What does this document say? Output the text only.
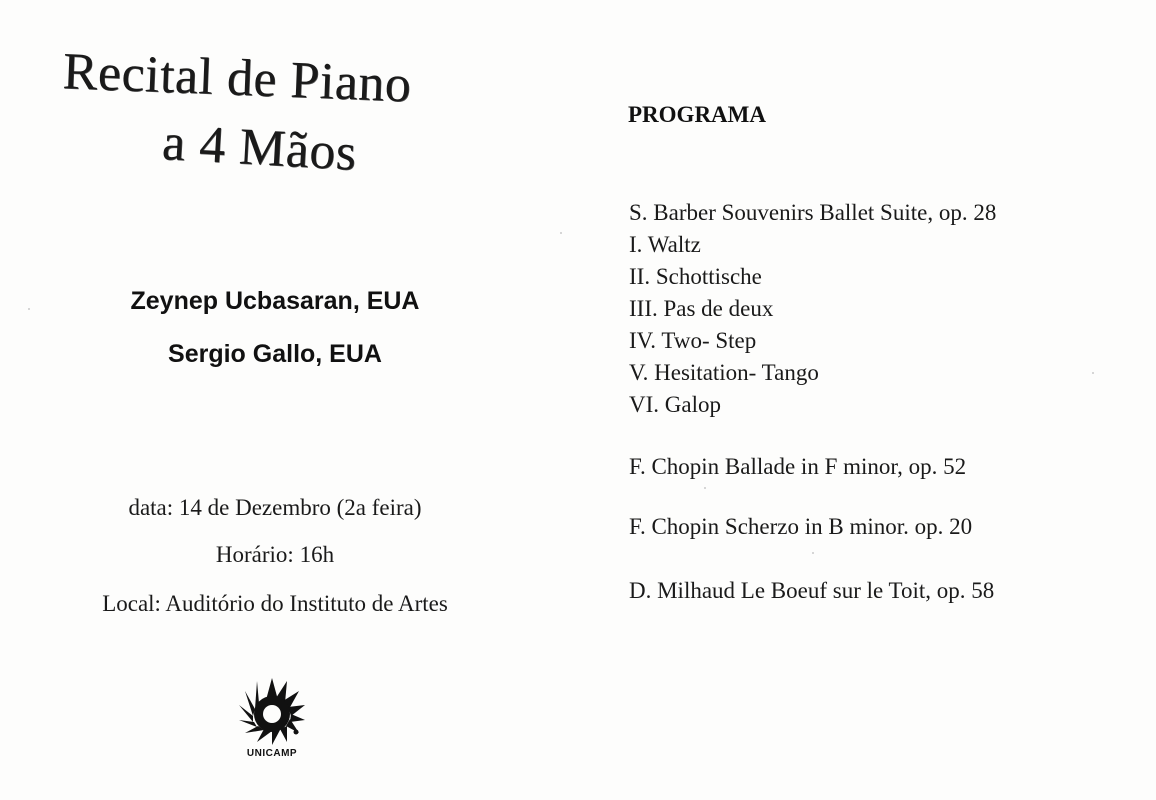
Recital de Piano
a 4 Mãos
Zeynep Ucbasaran, EUA
Sergio Gallo, EUA
data: 14 de Dezembro (2a feira)
Horário: 16h
Local: Auditório do Instituto de Artes
UNICAMP
PROGRAMA
S. Barber Souvenirs Ballet Suite, op. 28
I. Waltz
II. Schottische
III. Pas de deux
IV. Two- Step
V. Hesitation- Tango
VI. Galop
F. Chopin Ballade in F minor, op. 52
F. Chopin Scherzo in B minor. op. 20
D. Milhaud Le Boeuf sur le Toit, op. 58
